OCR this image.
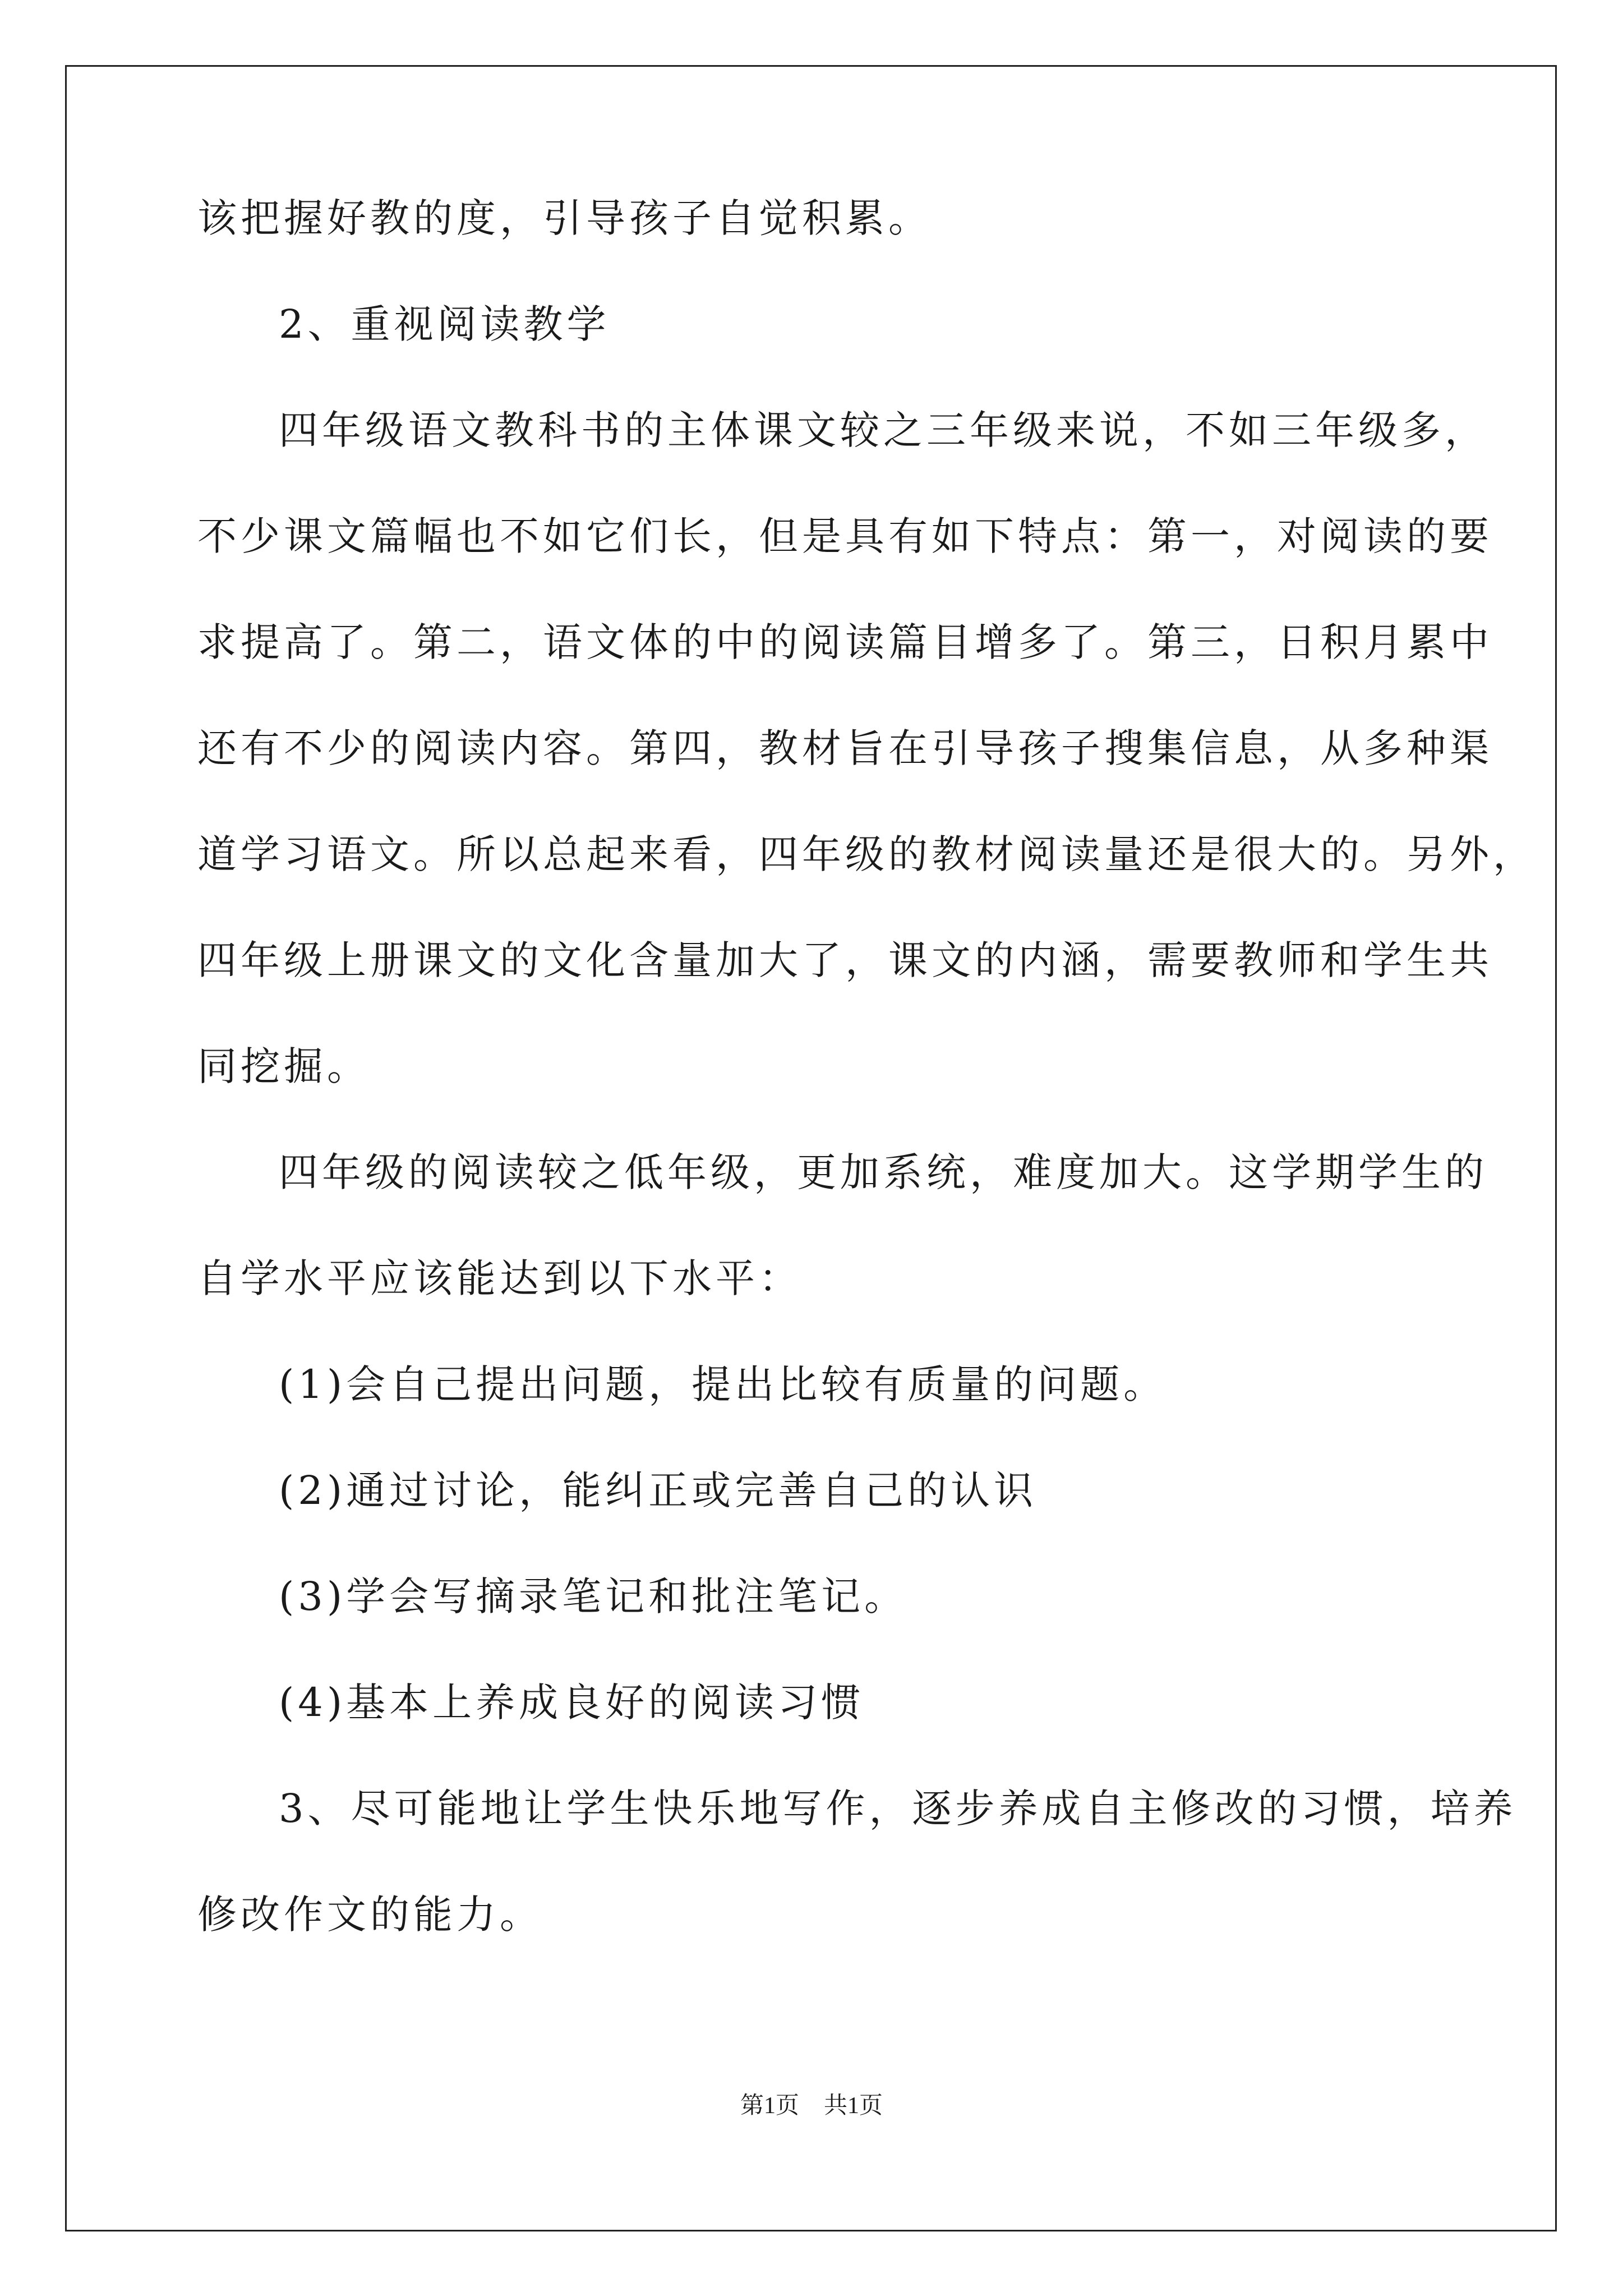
该把握好教的度，引导孩子自觉积累。
2、重视阅读教学
四年级语文教科书的主体课文较之三年级来说，不如三年级多，
不少课文篇幅也不如它们长，但是具有如下特点：第一，对阅读的要
求提高了。第二，语文体的中的阅读篇目增多了。第三，日积月累中
还有不少的阅读内容。第四，教材旨在引导孩子搜集信息，从多种渠
道学习语文。所以总起来看，四年级的教材阅读量还是很大的。另外，
四年级上册课文的文化含量加大了，课文的内涵，需要教师和学生共
同挖掘。
四年级的阅读较之低年级，更加系统，难度加大。这学期学生的
自学水平应该能达到以下水平：
(1)会自己提出问题，提出比较有质量的问题。
(2)通过讨论，能纠正或完善自己的认识
(3)学会写摘录笔记和批注笔记。
(4)基本上养成良好的阅读习惯
3、尽可能地让学生快乐地写作，逐步养成自主修改的习惯，培养
修改作文的能力。
第1页 共1页
